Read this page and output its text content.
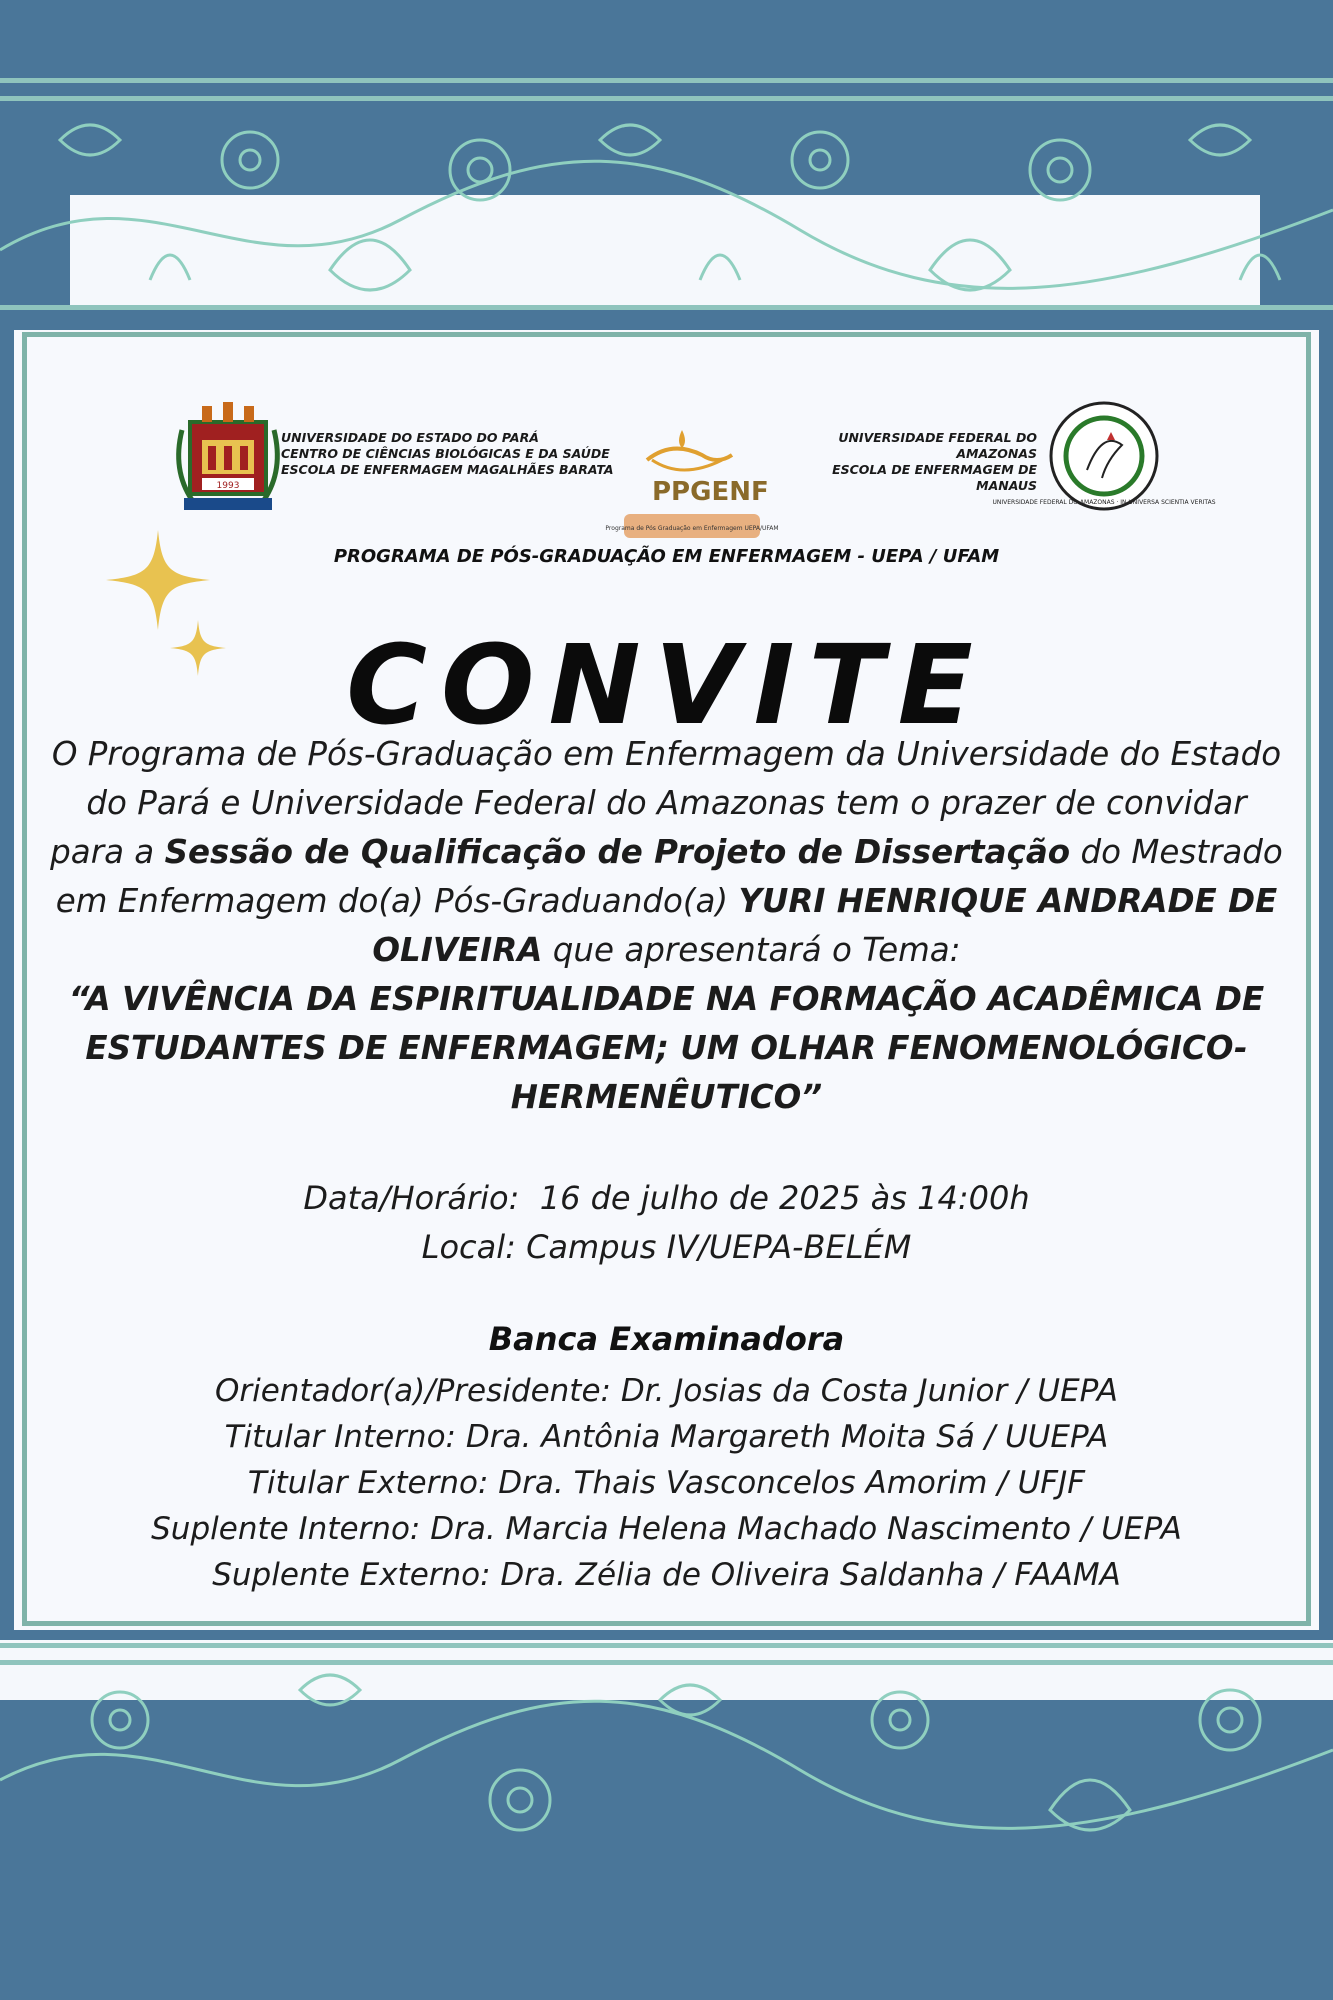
1993
UNIVERSIDADE DO ESTADO DO PARÁ
CENTRO DE CIÊNCIAS BIOLÓGICAS E DA SAÚDE
ESCOLA DE ENFERMAGEM MAGALHÃES BARATA
PPGENF
Programa de Pós Graduação em Enfermagem UEPA/UFAM
UNIVERSIDADE FEDERAL DO AMAZONAS
ESCOLA DE ENFERMAGEM DE MANAUS
UNIVERSIDADE FEDERAL DO AMAZONAS · IN UNIVERSA SCIENTIA VERITAS
PROGRAMA DE PÓS-GRADUAÇÃO EM ENFERMAGEM - UEPA / UFAM
CONVITE
O Programa de Pós-Graduação em Enfermagem da Universidade do Estado do Pará e Universidade Federal do Amazonas tem o prazer de convidar para a Sessão de Qualificação de Projeto de Dissertação do Mestrado em Enfermagem do(a) Pós-Graduando(a) YURI HENRIQUE ANDRADE DE OLIVEIRA que apresentará o Tema:
“A VIVÊNCIA DA ESPIRITUALIDADE NA FORMAÇÃO ACADÊMICA DE ESTUDANTES DE ENFERMAGEM; UM OLHAR FENOMENOLÓGICO-HERMENÊUTICO”
Data/Horário:  16 de julho de 2025 às 14:00h
Local: Campus IV/UEPA-BELÉM
Banca Examinadora
Orientador(a)/Presidente: Dr. Josias da Costa Junior / UEPA
Titular Interno: Dra. Antônia Margareth Moita Sá / UUEPA
Titular Externo: Dra. Thais Vasconcelos Amorim / UFJF
Suplente Interno: Dra. Marcia Helena Machado Nascimento / UEPA
Suplente Externo: Dra. Zélia de Oliveira Saldanha / FAAMA
